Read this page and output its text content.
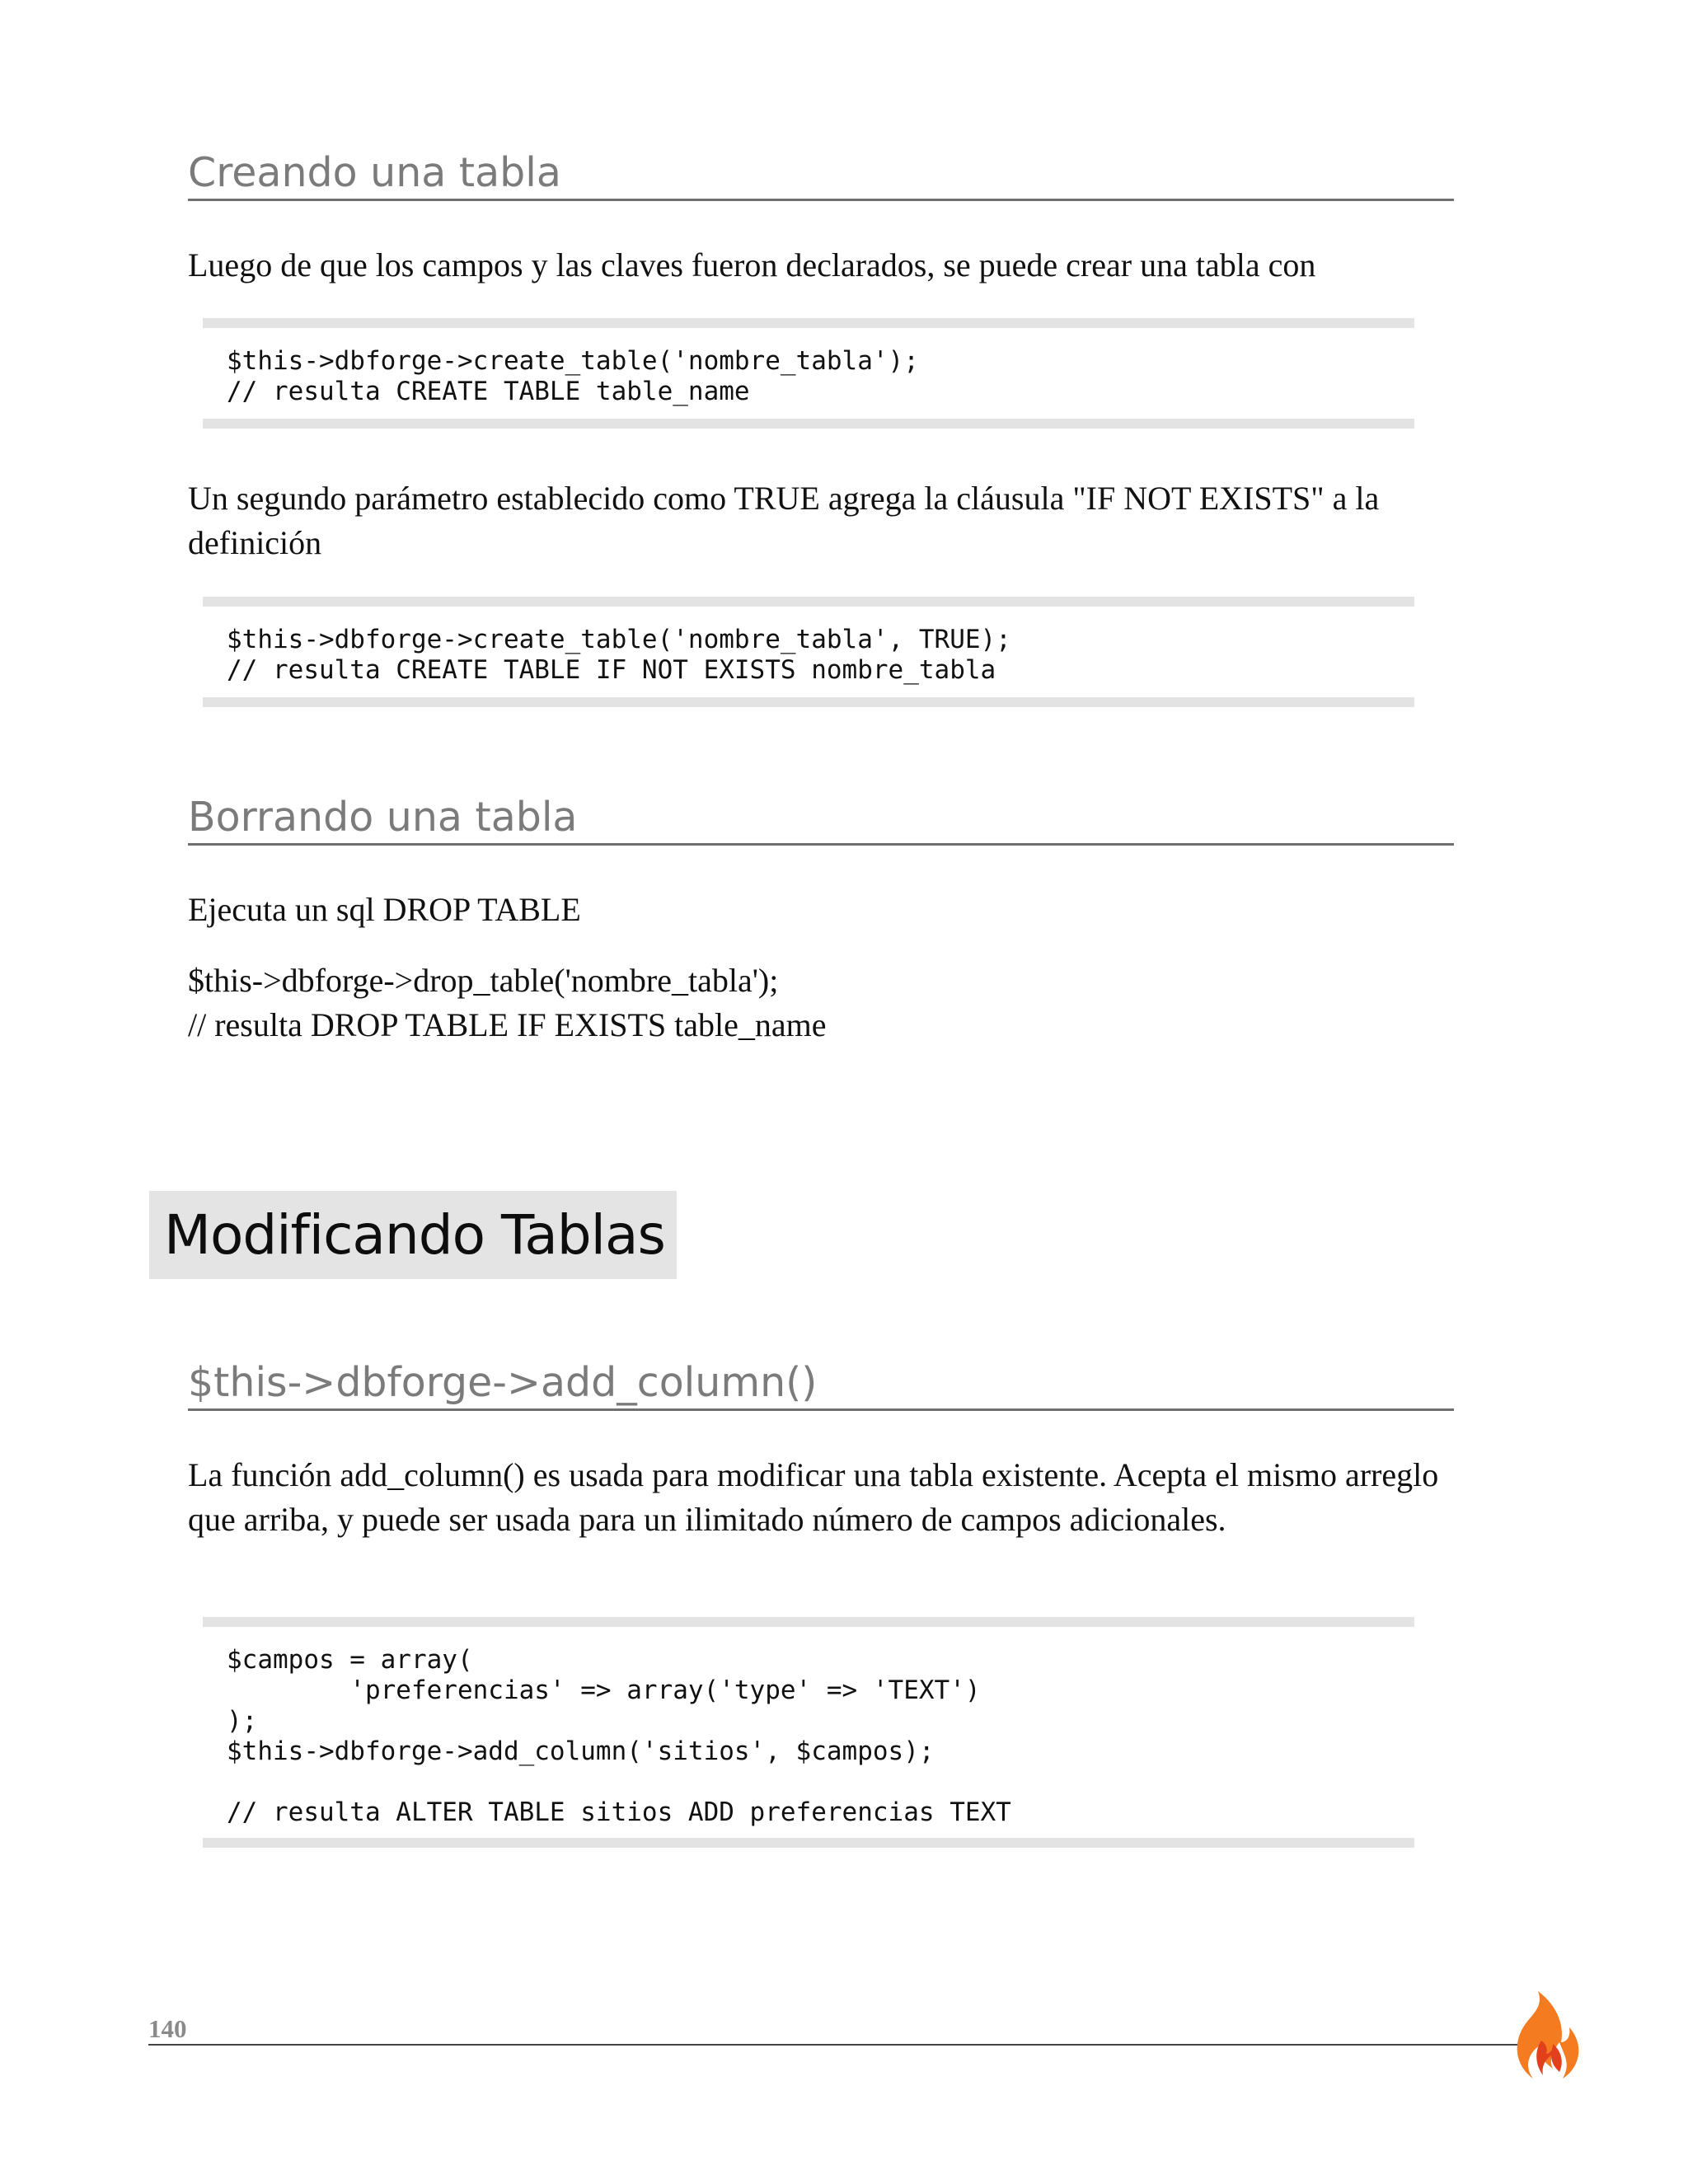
Creando una tabla
Luego de que los campos y las claves fueron declarados, se puede crear una tabla con
$this->dbforge->create_table('nombre_tabla');
// resulta CREATE TABLE table_name
Un segundo parámetro establecido como TRUE agrega la cláusula "IF NOT EXISTS" a la definición
$this->dbforge->create_table('nombre_tabla', TRUE);
// resulta CREATE TABLE IF NOT EXISTS nombre_tabla
Borrando una tabla
Ejecuta un sql DROP TABLE
$this->dbforge->drop_table('nombre_tabla');
// resulta DROP TABLE IF EXISTS table_name
Modificando Tablas
$this->dbforge->add_column()
La función add_column() es usada para modificar una tabla existente. Acepta el mismo arreglo que arriba, y puede ser usada para un ilimitado número de campos adicionales.
$campos = array(
'preferencias' => array('type' => 'TEXT')
);
$this->dbforge->add_column('sitios', $campos);

// resulta ALTER TABLE sitios ADD preferencias TEXT
140
